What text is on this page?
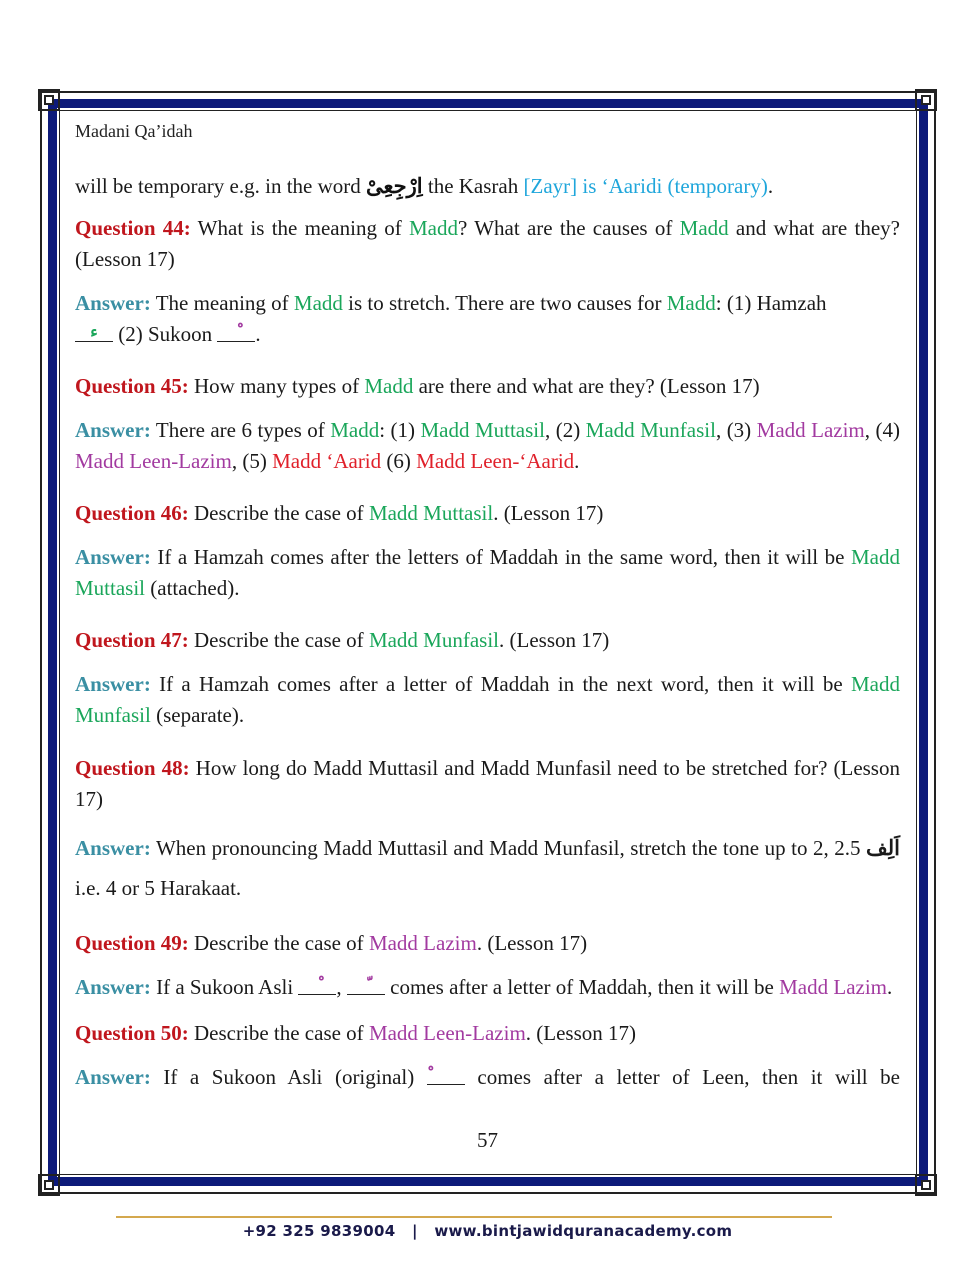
Madani Qa’idah

will be temporary e.g. in the word اِرْجِعِىْ the Kasrah [Zayr] is ‘Aaridi (temporary).

Question 44: What is the meaning of Madd? What are the causes of Madd and what are they? (Lesson 17)

Answer: The meaning of Madd is to stretch. There are two causes for Madd: (1) Hamzah
ء (2) Sukoon .

Question 45: How many types of Madd are there and what are they? (Lesson 17)

Answer: There are 6 types of Madd: (1) Madd Muttasil, (2) Madd Munfasil, (3) Madd Lazim, (4) Madd Leen-Lazim, (5) Madd ‘Aarid (6) Madd Leen-‘Aarid.

Question 46: Describe the case of Madd Muttasil. (Lesson 17)

Answer: If a Hamzah comes after the letters of Maddah in the same word, then it will be Madd Muttasil (attached).

Question 47: Describe the case of Madd Munfasil. (Lesson 17)

Answer: If a Hamzah comes after a letter of Maddah in the next word, then it will be Madd Munfasil (separate).

Question 48: How long do Madd Muttasil and Madd Munfasil need to be stretched for? (Lesson 17)

Answer: When pronouncing Madd Muttasil and Madd Munfasil, stretch the tone up to 2, 2.5 اَلِف i.e. 4 or 5 Harakaat.

Question 49: Describe the case of Madd Lazim. (Lesson 17)

Answer: If a Sukoon Asli ,  comes after a letter of Maddah, then it will be Madd Lazim.

Question 50: Describe the case of Madd Leen-Lazim. (Lesson 17)

Answer: If a Sukoon Asli (original)  comes after a letter of Leen, then it will be

57
+92 325 9839004   |   www.bintjawidquranacademy.com
